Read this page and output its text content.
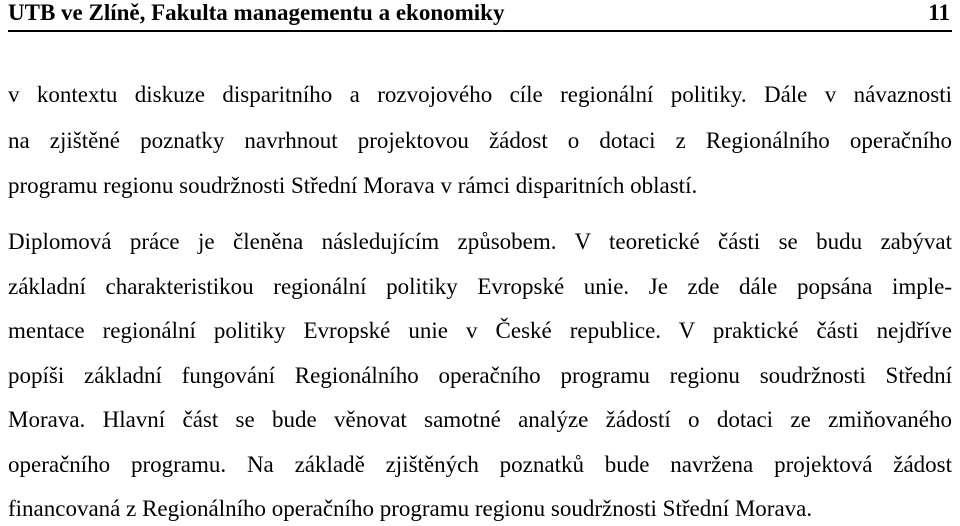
UTB ve Zlíně, Fakulta managementu a ekonomiky	11
v kontextu diskuze disparitního a rozvojového cíle regionální politiky. Dále v návaznosti
na zjištěné poznatky navrhnout projektovou žádost o dotaci z Regionálního operačního
programu regionu soudržnosti Střední Morava v rámci disparitních oblastí.
Diplomová práce je členěna následujícím způsobem. V teoretické části se budu zabývat
základní charakteristikou regionální politiky Evropské unie. Je zde dále popsána imple-
mentace regionální politiky Evropské unie v České republice. V praktické části nejdříve
popíši základní fungování Regionálního operačního programu regionu soudržnosti Střední
Morava. Hlavní část se bude věnovat samotné analýze žádostí o dotaci ze zmiňovaného
operačního programu. Na základě zjištěných poznatků bude navržena projektová žádost
financovaná z Regionálního operačního programu regionu soudržnosti Střední Morava.
